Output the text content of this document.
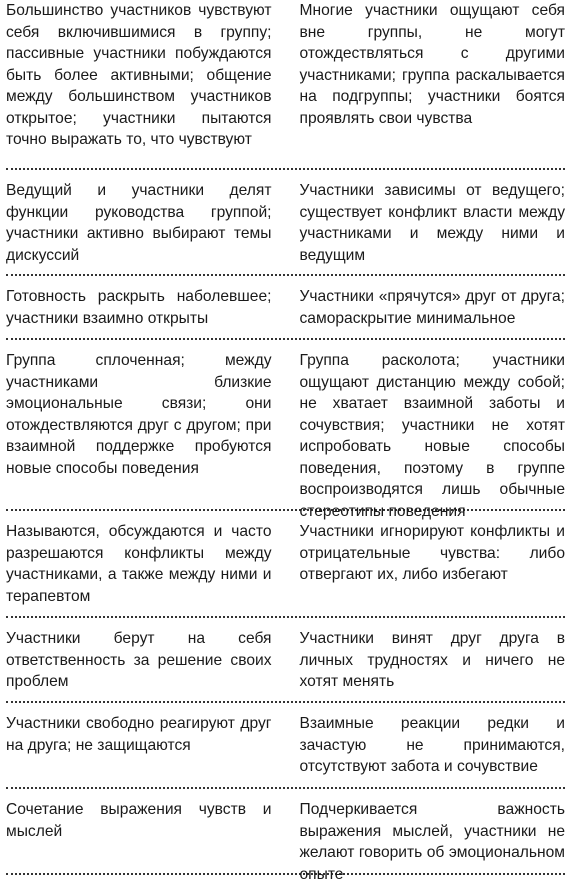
Большинство участников чувствуют себя включившимися в группу; пассивные участники побуждаются быть более активными; общение между большинством участников открытое; участники пытаются точно выражать то, что чувствуют
Многие участники ощущают себя вне группы, не могут отождествляться с другими участниками; группа раскалывается на подгруппы; участники боятся проявлять свои чувства
Ведущий и участники делят функции руководства группой; участники активно выбирают темы дискуссий
Участники зависимы от ведущего; существует конфликт власти между участниками и между ними и ведущим
Готовность раскрыть наболевшее; участники взаимно открыты
Участники «прячутся» друг от друга; самораскрытие минимальное
Группа сплоченная; между участниками близкие эмоциональные связи; они отождествляются друг с другом; при взаимной поддержке пробуются новые способы поведения
Группа расколота; участники ощущают дистанцию между собой; не хватает взаимной заботы и сочувствия; участники не хотят испробовать новые способы поведения, поэтому в группе воспроизводятся лишь обычные стереотипы поведения
Называются, обсуждаются и часто разрешаются конфликты между участниками, а также между ними и терапевтом
Участники игнорируют конфликты и отрицательные чувства: либо отвергают их, либо избегают
Участники берут на себя ответственность за решение своих проблем
Участники винят друг друга в личных трудностях и ничего не хотят менять
Участники свободно реагируют друг на друга; не защищаются
Взаимные реакции редки и зачастую не принимаются, отсутствуют забота и сочувствие
Сочетание выражения чувств и мыслей
Подчеркивается важность выражения мыслей, участники не желают говорить об эмоциональном опыте
